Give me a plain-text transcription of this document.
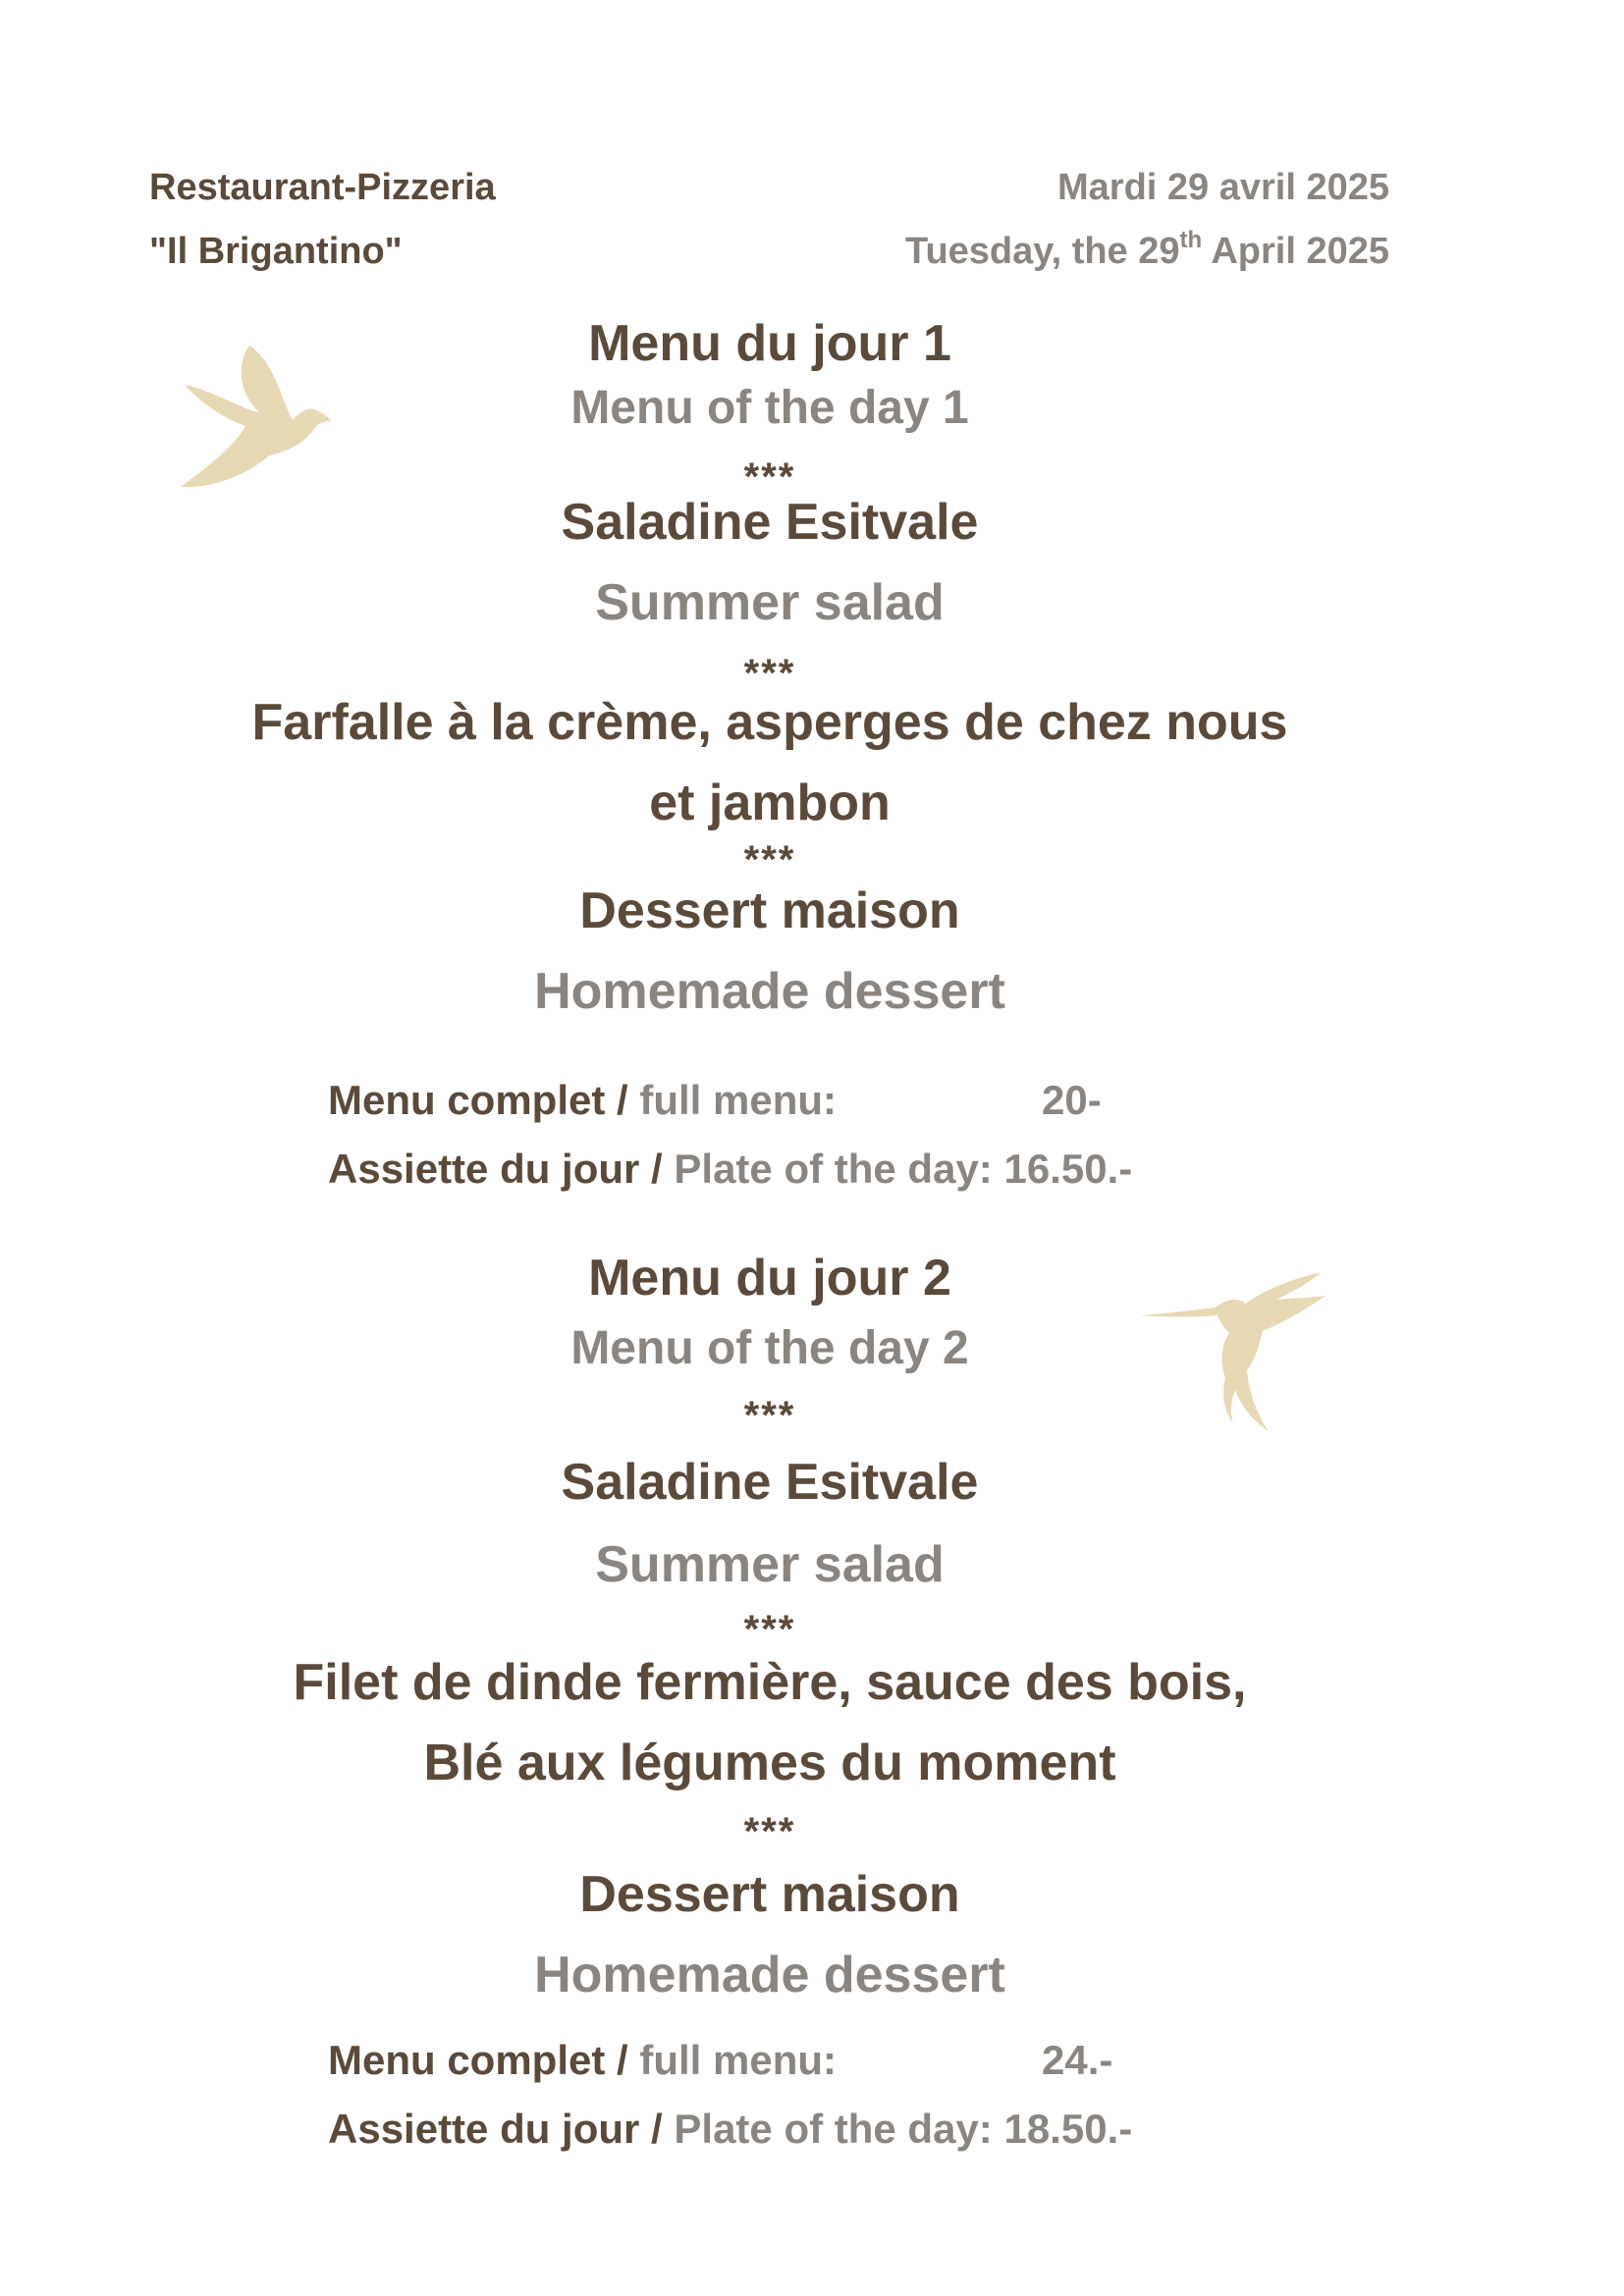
Restaurant-Pizzeria
"Il Brigantino"
Mardi 29 avril 2025
Tuesday, the 29th April 2025
Menu du jour 1
Menu of the day 1
***
Saladine Esitvale
Summer salad
***
Farfalle à la crème, asperges de chez nous
et jambon
***
Dessert maison
Homemade dessert
Menu complet / full menu:	20-
Assiette du jour / Plate of the day: 16.50.-
Menu du jour 2
Menu of the day 2
***
Saladine Esitvale
Summer salad
***
Filet de dinde fermière, sauce des bois,
Blé aux légumes du moment
***
Dessert maison
Homemade dessert
Menu complet / full menu:	24.-
Assiette du jour / Plate of the day: 18.50.-
